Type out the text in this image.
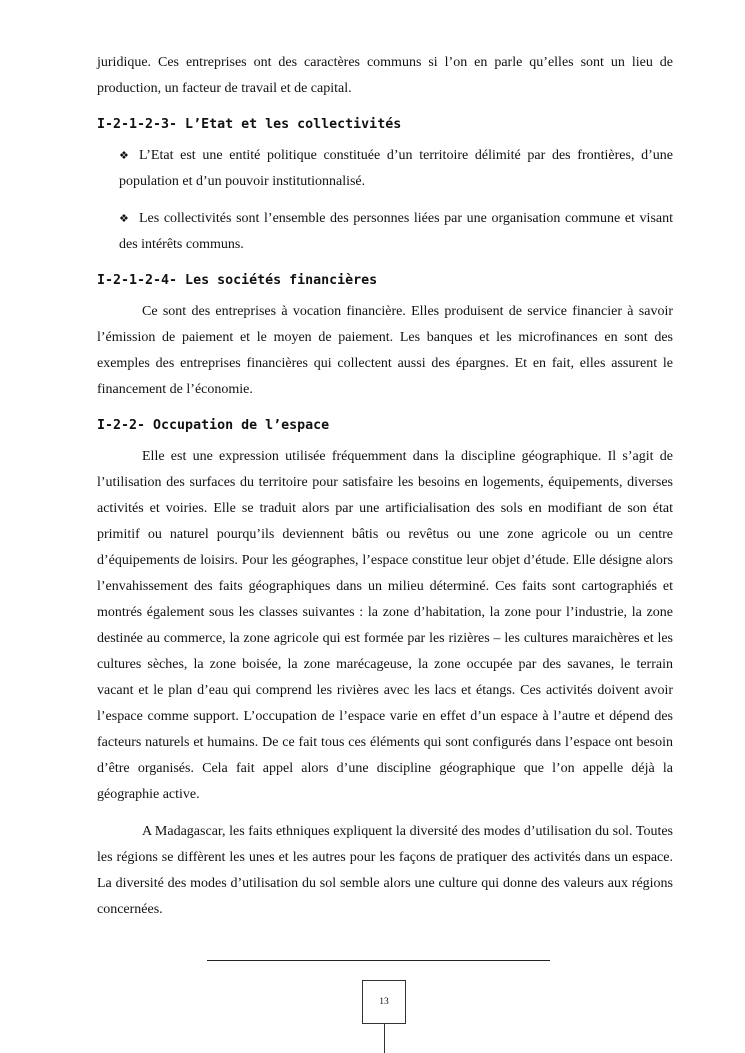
juridique. Ces entreprises ont des caractères communs si l’on en parle qu’elles sont un lieu de production, un facteur de travail et de capital.

I-2-1-2-3- L’Etat et les collectivités

❖ L’Etat est une entité politique constituée d’un territoire délimité par des frontières, d’une population et d’un pouvoir institutionnalisé.

❖ Les collectivités sont l’ensemble des personnes liées par une organisation commune et visant des intérêts communs.

I-2-1-2-4- Les sociétés financières

Ce sont des entreprises à vocation financière. Elles produisent de service financier à savoir l’émission de paiement et le moyen de paiement. Les banques et les microfinances en sont des exemples des entreprises financières qui collectent aussi des épargnes. Et en fait, elles assurent le financement de l’économie.

I-2-2- Occupation de l’espace

Elle est une expression utilisée fréquemment dans la discipline géographique. Il s’agit de l’utilisation des surfaces du territoire pour satisfaire les besoins en logements, équipements, diverses activités et voiries. Elle se traduit alors par une artificialisation des sols en modifiant de son état primitif ou naturel pourqu’ils deviennent bâtis ou revêtus ou une zone agricole ou un centre d’équipements de loisirs. Pour les géographes, l’espace constitue leur objet d’étude. Elle désigne alors l’envahissement des faits géographiques dans un milieu déterminé. Ces faits sont cartographiés et montrés également sous les classes suivantes : la zone d’habitation, la zone pour l’industrie, la zone destinée au commerce, la zone agricole qui est formée par les rizières – les cultures maraichères et les cultures sèches, la zone boisée, la zone marécageuse, la zone occupée par des savanes, le terrain vacant et le plan d’eau qui comprend les rivières avec les lacs et étangs. Ces activités doivent avoir l’espace comme support. L’occupation de l’espace varie en effet d’un espace à l’autre et dépend des facteurs naturels et humains. De ce fait tous ces éléments qui sont configurés dans l’espace ont besoin d’être organisés. Cela fait appel alors d’une discipline géographique que l’on appelle déjà la géographie active.

A Madagascar, les faits ethniques expliquent la diversité des modes d’utilisation du sol. Toutes les régions se diffèrent les unes et les autres pour les façons de pratiquer des activités dans un espace. La diversité des modes d’utilisation du sol semble alors une culture qui donne des valeurs aux régions concernées.

13
